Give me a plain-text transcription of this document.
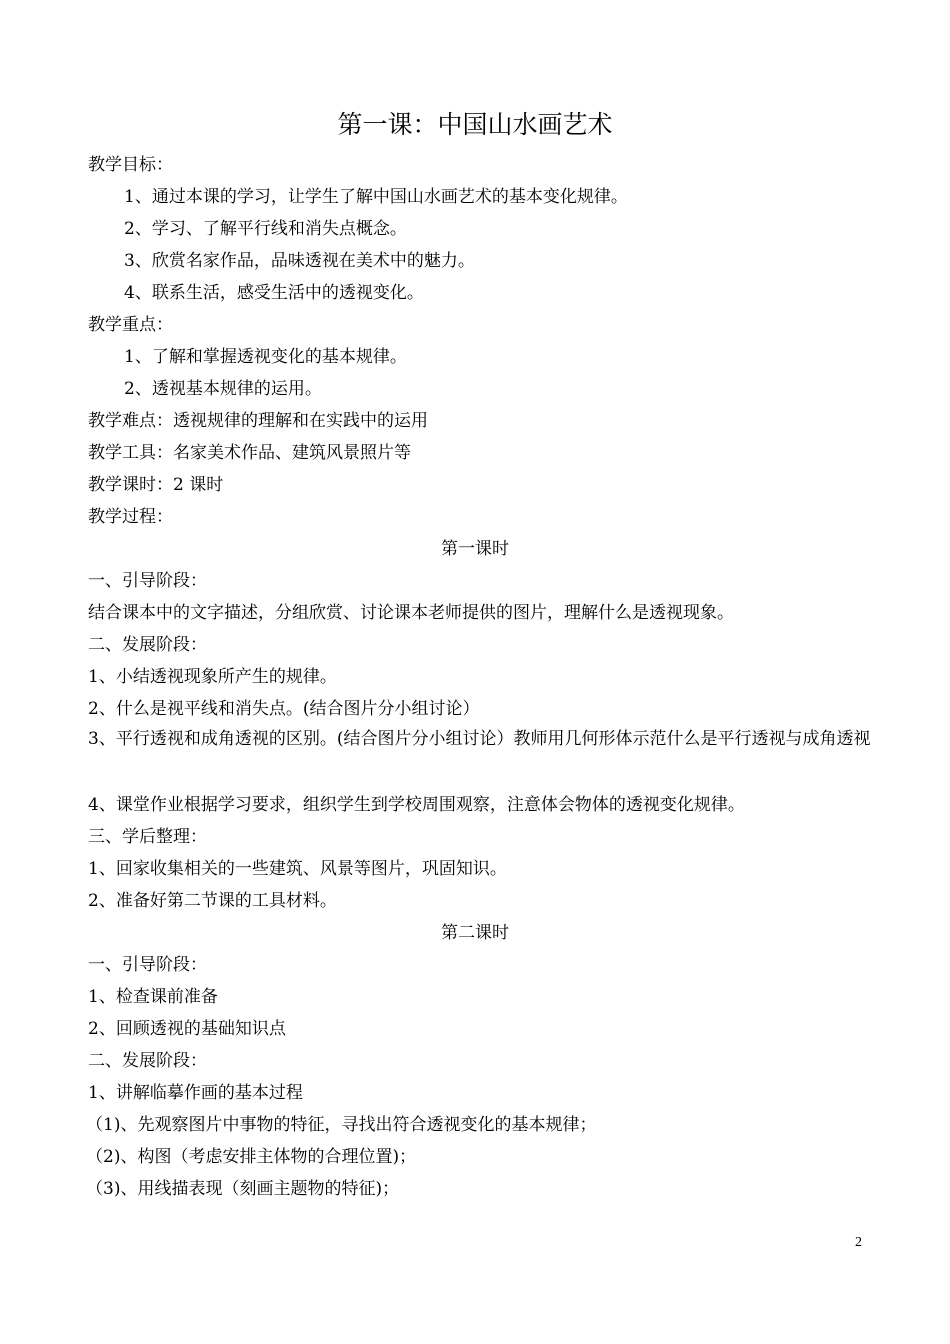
第一课：中国山水画艺术
教学目标：
1、通过本课的学习，让学生了解中国山水画艺术的基本变化规律。
2、学习、了解平行线和消失点概念。
3、欣赏名家作品，品味透视在美术中的魅力。
4、联系生活，感受生活中的透视变化。
教学重点：
1、了解和掌握透视变化的基本规律。
2、透视基本规律的运用。
教学难点：透视规律的理解和在实践中的运用
教学工具：名家美术作品、建筑风景照片等
教学课时：2 课时
教学过程：
第一课时
一、引导阶段：
结合课本中的文字描述，分组欣赏、讨论课本老师提供的图片，理解什么是透视现象。
二、发展阶段：
1、小结透视现象所产生的规律。
2、什么是视平线和消失点。(结合图片分小组讨论）
3、平行透视和成角透视的区别。(结合图片分小组讨论）教师用几何形体示范什么是平行透视与成角透视
4、课堂作业根据学习要求，组织学生到学校周围观察，注意体会物体的透视变化规律。
三、学后整理：
1、回家收集相关的一些建筑、风景等图片，巩固知识。
2、准备好第二节课的工具材料。
第二课时
一、引导阶段：
1、检查课前准备
2、回顾透视的基础知识点
二、发展阶段：
1、讲解临摹作画的基本过程
（1)、先观察图片中事物的特征，寻找出符合透视变化的基本规律；
（2)、构图（考虑安排主体物的合理位置)；
（3)、用线描表现（刻画主题物的特征)；
2
